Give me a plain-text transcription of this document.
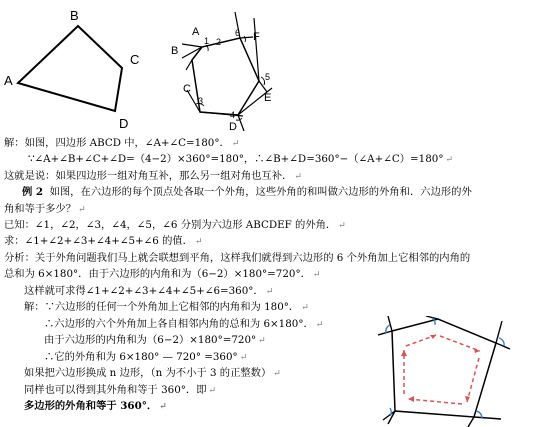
B
A
C
D
A
B
F
C
E
D
1 2
6
5
3
4
解：如图，四边形 ABCD 中，∠A+∠C=180°． ↵
∵∠A+∠B+∠C+∠D=（4−2）×360°=180°，∴∠B+∠D=360°−（∠A+∠C）=180° ↵
这就是说：如果四边形一组对角互补，那么另一组对角也互补． ↵
例 2 如图，在六边形的每个顶点处各取一个外角，这些外角的和叫做六边形的外角和．六边形的外
角和等于多少？ ↵
已知：∠1，∠2，∠3，∠4，∠5，∠6 分别为六边形 ABCDEF 的外角． ↵
求：∠1+∠2+∠3+∠4+∠5+∠6 的值． ↵
分析：关于外角问题我们马上就会联想到平角，这样我们就得到六边形的 6 个外角加上它相邻的内角的
总和为 6×180°．由于六边形的内角和为（6−2）×180°=720°． ↵
这样就可求得∠1+∠2+∠3+∠4+∠5+∠6=360°． ↵
解：∵六边形的任何一个外角加上它相邻的内角和为 180°． ↵
∴六边形的六个外角加上各自相邻内角的总和为 6×180°． ↵
由于六边形的内角和为（6−2）×180°=720° ↵
∴它的外角和为 6×180° — 720° =360° ↵
如果把六边形换成 n 边形，（n 为不小于 3 的正整数） ↵
同样也可以得到其外角和等于 360°．即 ↵
多边形的外角和等于 360°． ↵
